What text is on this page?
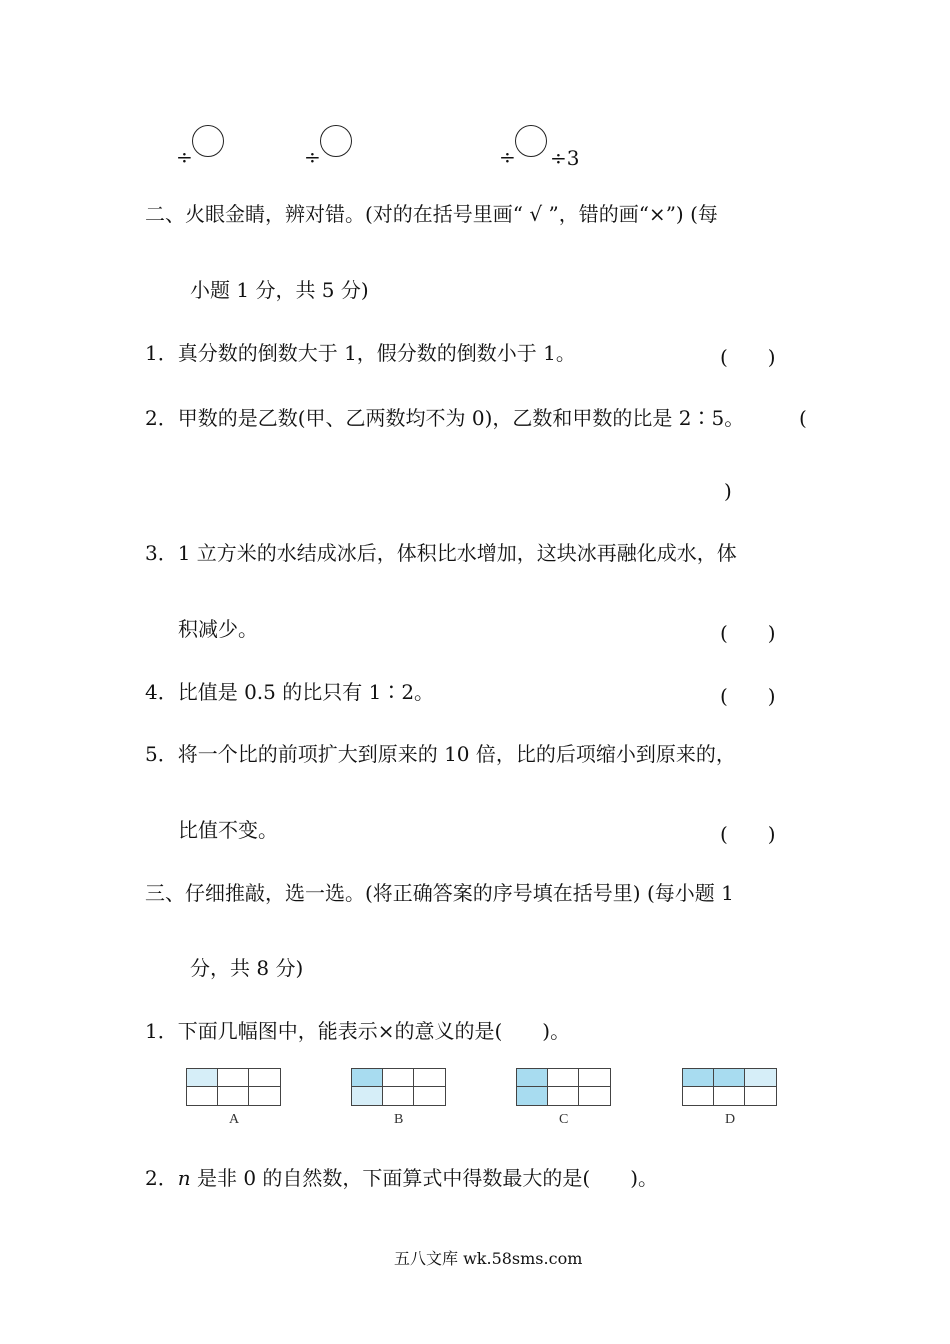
÷	÷	÷ ÷3
二、火眼金睛，辨对错。(对的在括号里画“ √ ”，错的画“×”) (每
小题 1 分，共 5 分)
1．真分数的倒数大于 1，假分数的倒数小于 1。	(　　)
2．甲数的是乙数(甲、乙两数均不为 0)，乙数和甲数的比是 2∶5。	(
)
3．1 立方米的水结成冰后，体积比水增加，这块冰再融化成水，体
积减少。	(　　)
4．比值是 0.5 的比只有 1∶2。	(　　)
5．将一个比的前项扩大到原来的 10 倍，比的后项缩小到原来的，
比值不变。	(　　)
三、仔细推敲，选一选。(将正确答案的序号填在括号里) (每小题 1
分，共 8 分)
1．下面几幅图中，能表示×的意义的是(　　)。
A	B	C	D
2．n 是非 0 的自然数，下面算式中得数最大的是(　　)。
五八文库 wk.58sms.com
